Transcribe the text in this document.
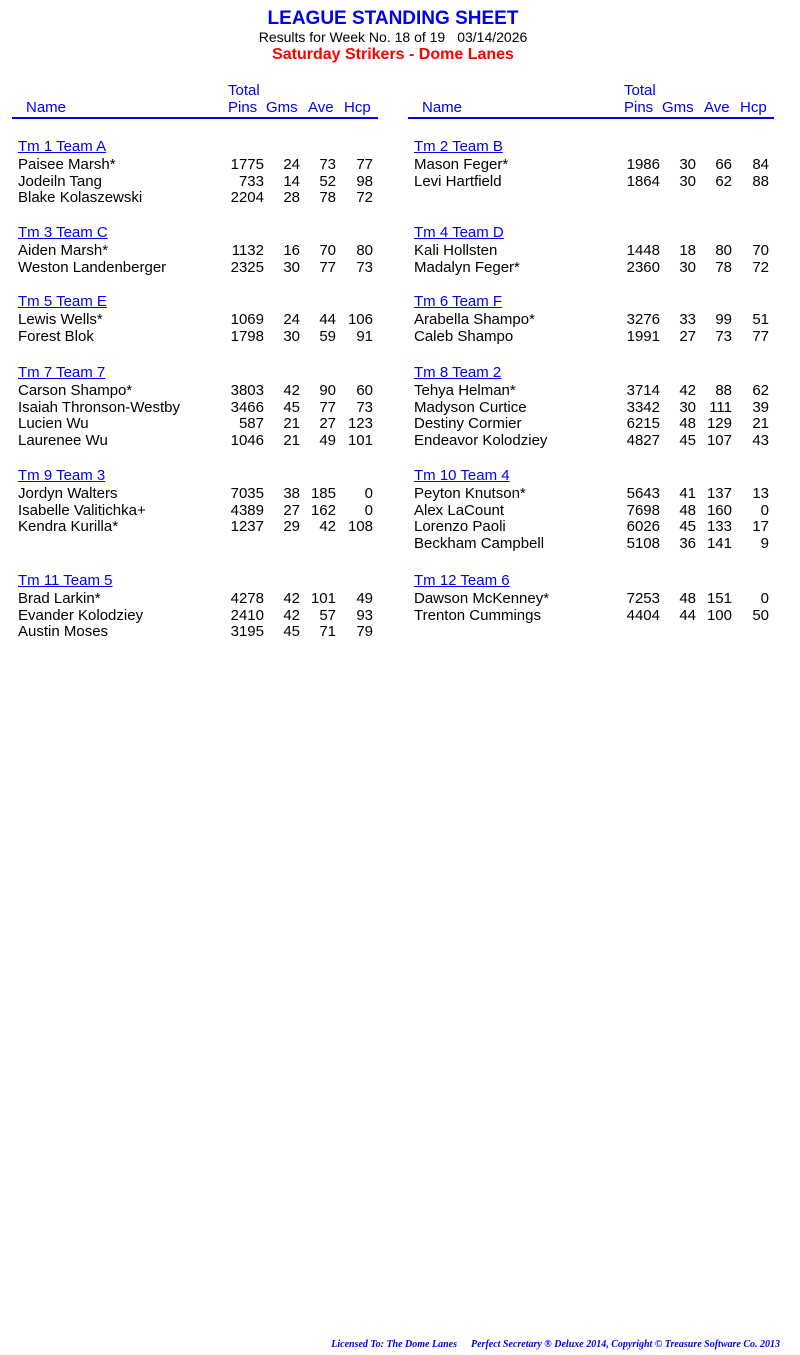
LEAGUE STANDING SHEET
Results for Week No. 18 of 19 03/14/2026
Saturday Strikers - Dome Lanes
Total
Name	Pins Gms Ave Hcp
Tm 1 Team A
Paisee Marsh*	1775 24 73 77
Jodeiln Tang	733 14 52 98
Blake Kolaszewski	2204 28 78 72
Tm 3 Team C
Aiden Marsh*	1132 16 70 80
Weston Landenberger	2325 30 77 73
Tm 5 Team E
Lewis Wells*	1069 24 44 106
Forest Blok	1798 30 59 91
Tm 7 Team 7
Carson Shampo*	3803 42 90 60
Isaiah Thronson-Westby	3466 45 77 73
Lucien Wu	587 21 27 123
Laurenee Wu	1046 21 49 101
Tm 9 Team 3
Jordyn Walters	7035 38 185 0
Isabelle Valitichka+	4389 27 162 0
Kendra Kurilla*	1237 29 42 108
Tm 11 Team 5
Brad Larkin*	4278 42 101 49
Evander Kolodziey	2410 42 57 93
Austin Moses	3195 45 71 79
Total
Name	Pins Gms Ave Hcp
Tm 2 Team B
Mason Feger*	1986 30 66 84
Levi Hartfield	1864 30 62 88
Tm 4 Team D
Kali Hollsten	1448 18 80 70
Madalyn Feger*	2360 30 78 72
Tm 6 Team F
Arabella Shampo*	3276 33 99 51
Caleb Shampo	1991 27 73 77
Tm 8 Team 2
Tehya Helman*	3714 42 88 62
Madyson Curtice	3342 30 111 39
Destiny Cormier	6215 48 129 21
Endeavor Kolodziey	4827 45 107 43
Tm 10 Team 4
Peyton Knutson*	5643 41 137 13
Alex LaCount	7698 48 160 0
Lorenzo Paoli	6026 45 133 17
Beckham Campbell	5108 36 141 9
Tm 12 Team 6
Dawson McKenney*	7253 48 151 0
Trenton Cummings	4404 44 100 50
Licensed To: The Dome Lanes Perfect Secretary ® Deluxe 2014, Copyright © Treasure Software Co. 2013
